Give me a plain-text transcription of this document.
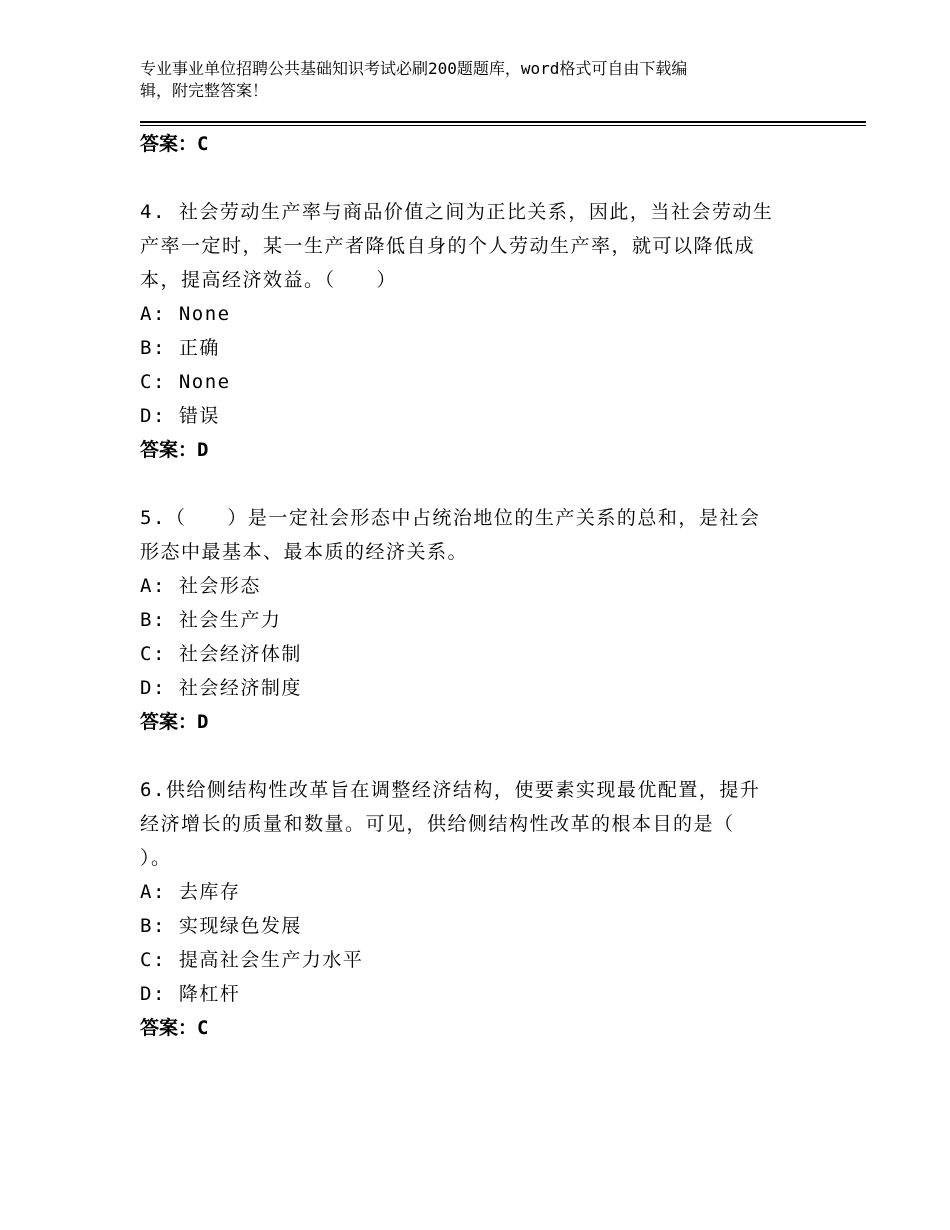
专业事业单位招聘公共基础知识考试必刷200题题库，word格式可自由下载编
辑，附完整答案！
答案：C
4. 社会劳动生产率与商品价值之间为正比关系，因此，当社会劳动生
产率一定时，某一生产者降低自身的个人劳动生产率，就可以降低成
本，提高经济效益。（　　）
A: None
B: 正确
C: None
D: 错误
答案：D
5.（　　）是一定社会形态中占统治地位的生产关系的总和，是社会
形态中最基本、最本质的经济关系。
A: 社会形态
B: 社会生产力
C: 社会经济体制
D: 社会经济制度
答案：D
6.供给侧结构性改革旨在调整经济结构，使要素实现最优配置，提升
经济增长的质量和数量。可见，供给侧结构性改革的根本目的是（
）。
A: 去库存
B: 实现绿色发展
C: 提高社会生产力水平
D: 降杠杆
答案：C
